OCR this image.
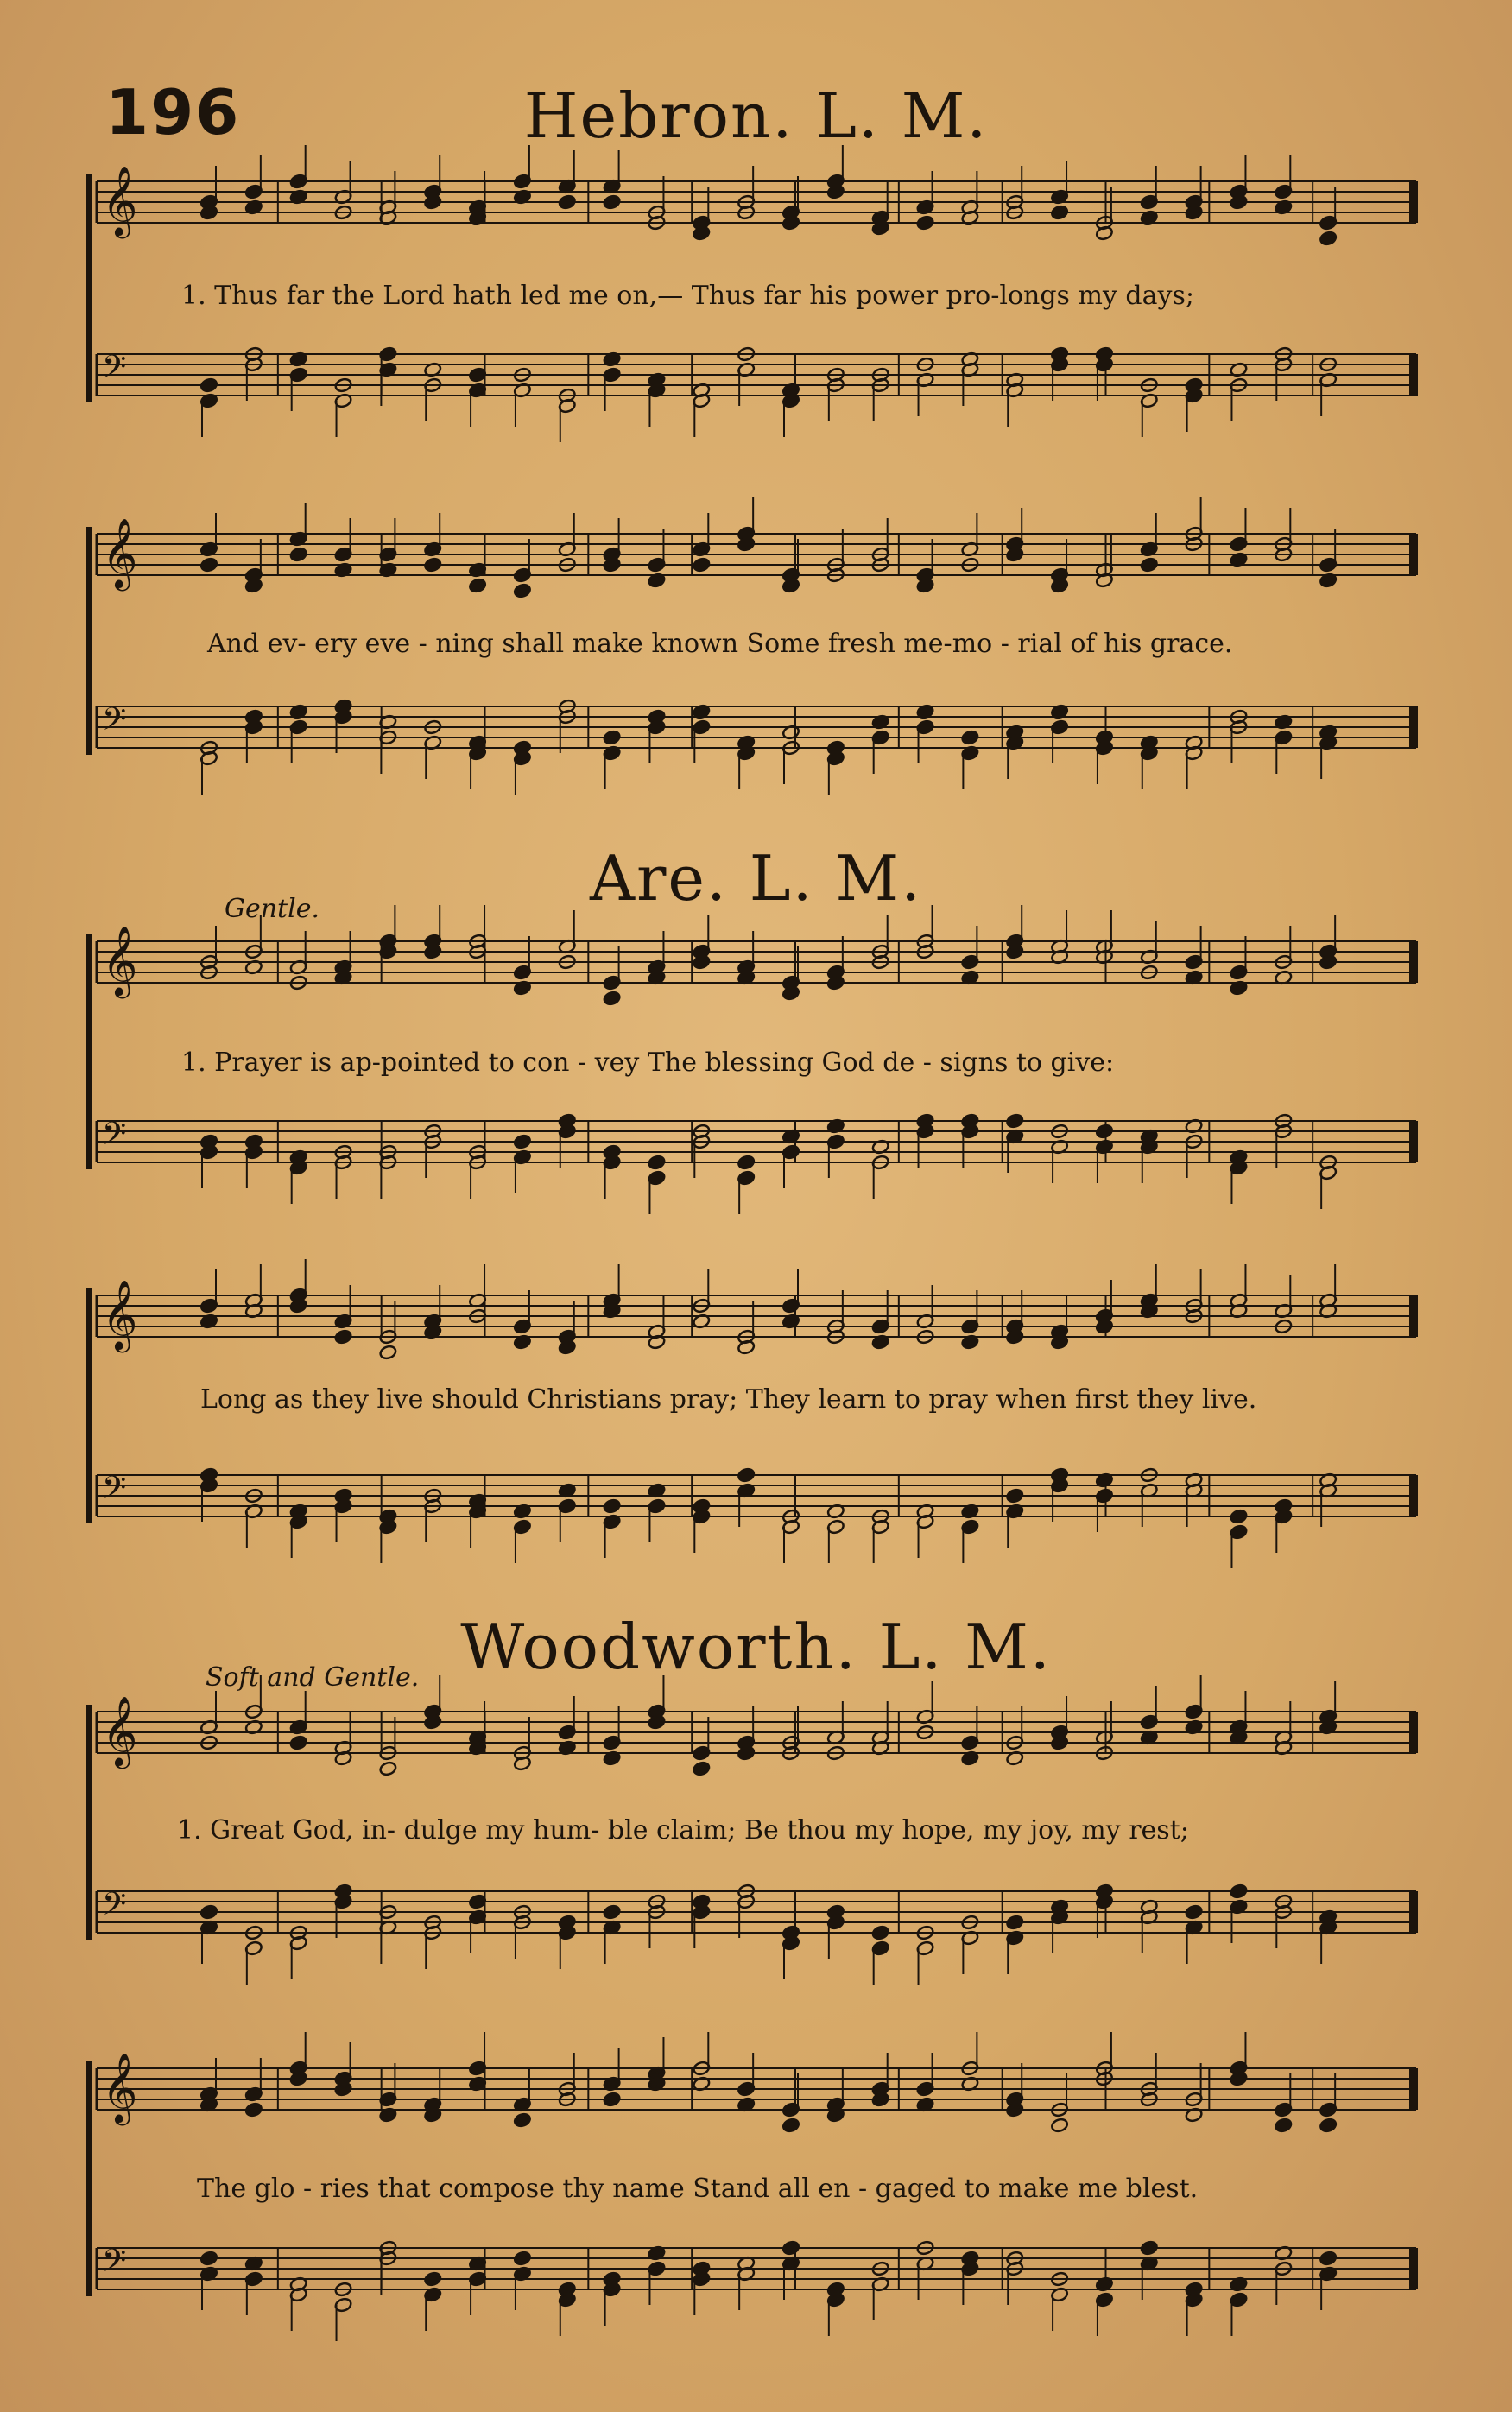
196	Hebron. L. M.
1. Thus far the Lord hath led me on,— Thus far his power pro-longs my days;
And ev- ery eve - ning shall make known Some fresh me-mo - rial of his grace.
Are. L. M.
Gentle.
1. Prayer is ap-pointed to con - vey The blessing God de - signs to give:
Long as they live should Christians pray; They learn to pray when first they live.
Woodworth. L. M.
Soft and Gentle.
1. Great God, in- dulge my hum- ble claim; Be thou my hope, my joy, my rest;
The glo - ries that compose thy name Stand all en - gaged to make me blest.
𝄞
𝄢
𝄞
𝄢
𝄞
𝄢
𝄞
𝄢
𝄞
𝄢
𝄞
𝄢
